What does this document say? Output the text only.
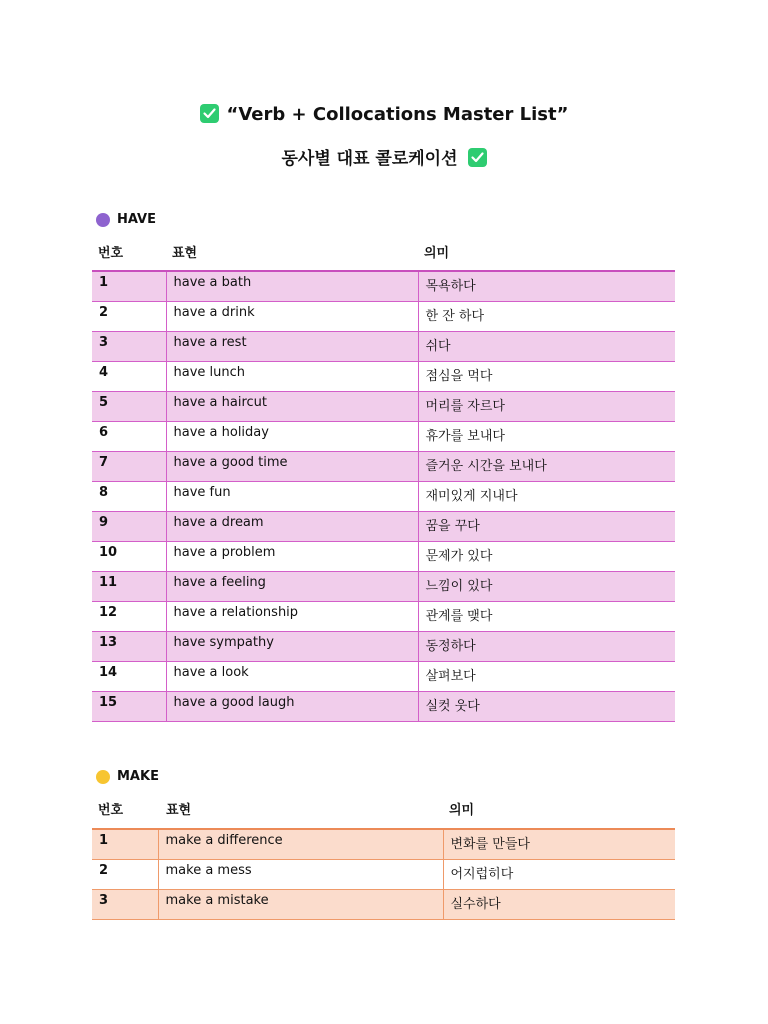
“Verb + Collocations Master List”
동사별 대표 콜로케이션
HAVE
번호	표현	의미
1	have a bath	목욕하다
2	have a drink	한 잔 하다
3	have a rest	쉬다
4	have lunch	점심을 먹다
5	have a haircut	머리를 자르다
6	have a holiday	휴가를 보내다
7	have a good time	즐거운 시간을 보내다
8	have fun	재미있게 지내다
9	have a dream	꿈을 꾸다
10	have a problem	문제가 있다
11	have a feeling	느낌이 있다
12	have a relationship	관계를 맺다
13	have sympathy	동정하다
14	have a look	살펴보다
15	have a good laugh	실컷 웃다
MAKE
번호	표현	의미
1	make a difference	변화를 만들다
2	make a mess	어지럽히다
3	make a mistake	실수하다
